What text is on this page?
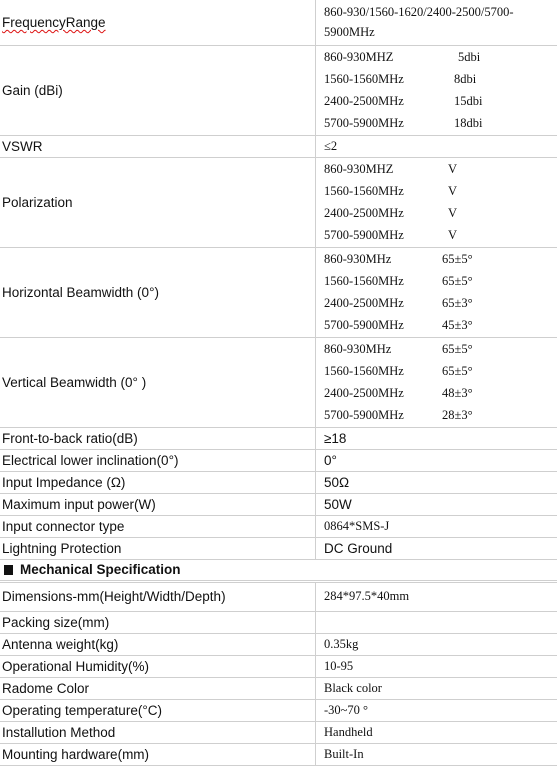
FrequencyRange	860-930/1560-1620/2400-2500/5700-5900MHz
Gain (dBi)	860-930MHZ 5dbi
1560-1560MHz 8dbi
2400-2500MHz 15dbi
5700-5900MHz 18dbi

VSWR	≤2
Polarization	860-930MHZ V
1560-1560MHz V
2400-2500MHz V
5700-5900MHz V

Horizontal Beamwidth (0°)	860-930MHz 65±5°
1560-1560MHz 65±5°
2400-2500MHz 65±3°
5700-5900MHz 45±3°

Vertical Beamwidth (0° )	860-930MHz 65±5°
1560-1560MHz 65±5°
2400-2500MHz 48±3°
5700-5900MHz 28±3°

Front-to-back ratio(dB)	≥18
Electrical lower inclination(0°)	0°
Input Impedance (Ω)	50Ω
Maximum input power(W)	50W
Input connector type	0864*SMS-J
Lightning Protection	DC Ground
Mechanical Specification	
Dimensions-mm(Height/Width/Depth)	284*97.5*40mm
Packing size(mm)	
Antenna weight(kg)	0.35kg
Operational Humidity(%)	10-95
Radome Color	Black color
Operating temperature(°C)	-30~70 °
Installution Method	Handheld
Mounting hardware(mm)	Built-In
